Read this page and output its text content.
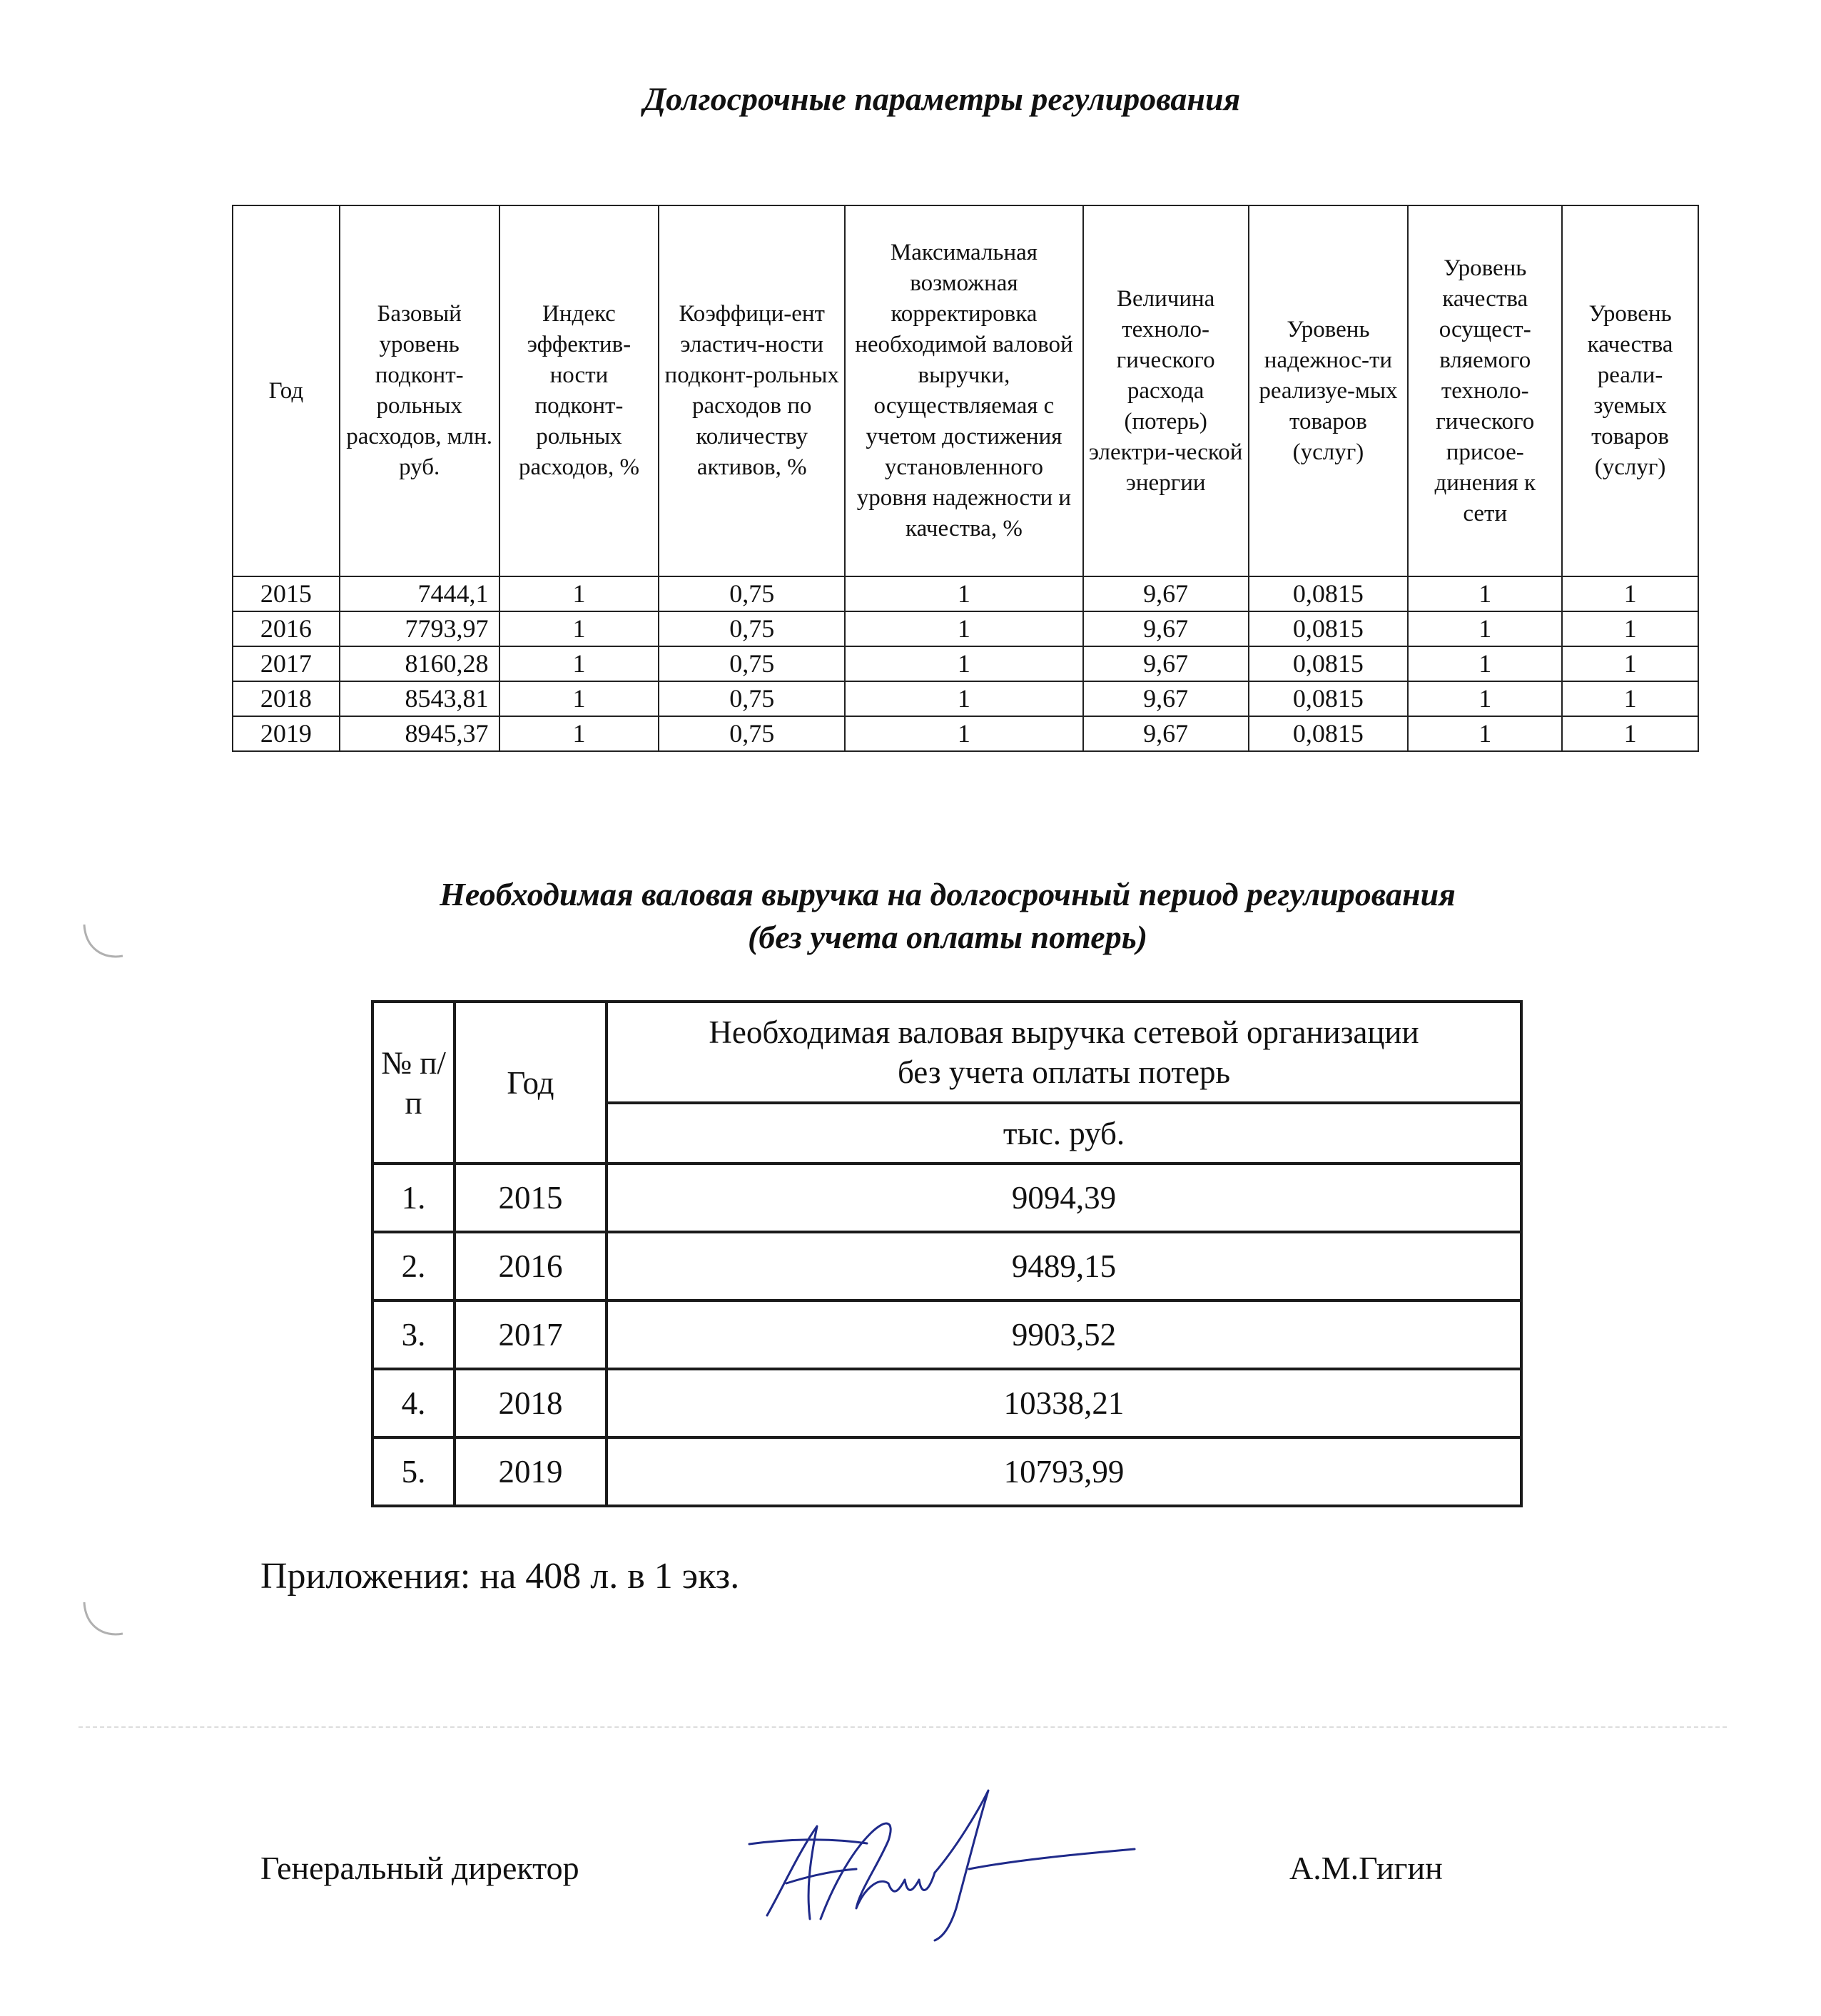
Долгосрочные параметры регулирования
Год	Базовый уровень подконт-рольных расходов, млн. руб.	Индекс эффектив-ности подконт-рольных расходов, %	Коэффици-ент эластич-ности подконт-рольных расходов по количеству активов, %	Максимальная возможная корректировка необходимой валовой выручки, осуществляемая с учетом достижения установленного уровня надежности и качества, %	Величина техноло-гического расхода (потерь) электри-ческой энергии	Уровень надежнос-ти реализуе-мых товаров (услуг)	Уровень качества осущест-вляемого техноло-гического присое-динения к сети	Уровень качества реали-зуемых товаров (услуг)
2015	7444,1	1	0,75	1	9,67	0,0815	1	1
2016	7793,97	1	0,75	1	9,67	0,0815	1	1
2017	8160,28	1	0,75	1	9,67	0,0815	1	1
2018	8543,81	1	0,75	1	9,67	0,0815	1	1
2019	8945,37	1	0,75	1	9,67	0,0815	1	1
Необходимая валовая выручка на долгосрочный период регулирования
(без учета оплаты потерь)
№ п/п	Год	Необходимая валовая выручка сетевой организации
без учета оплаты потерь

		тыс. руб.
1.	2015	9094,39
2.	2016	9489,15
3.	2017	9903,52
4.	2018	10338,21
5.	2019	10793,99
Приложения: на 408 л. в 1 экз.
Генеральный директор	А.М.Гигин
